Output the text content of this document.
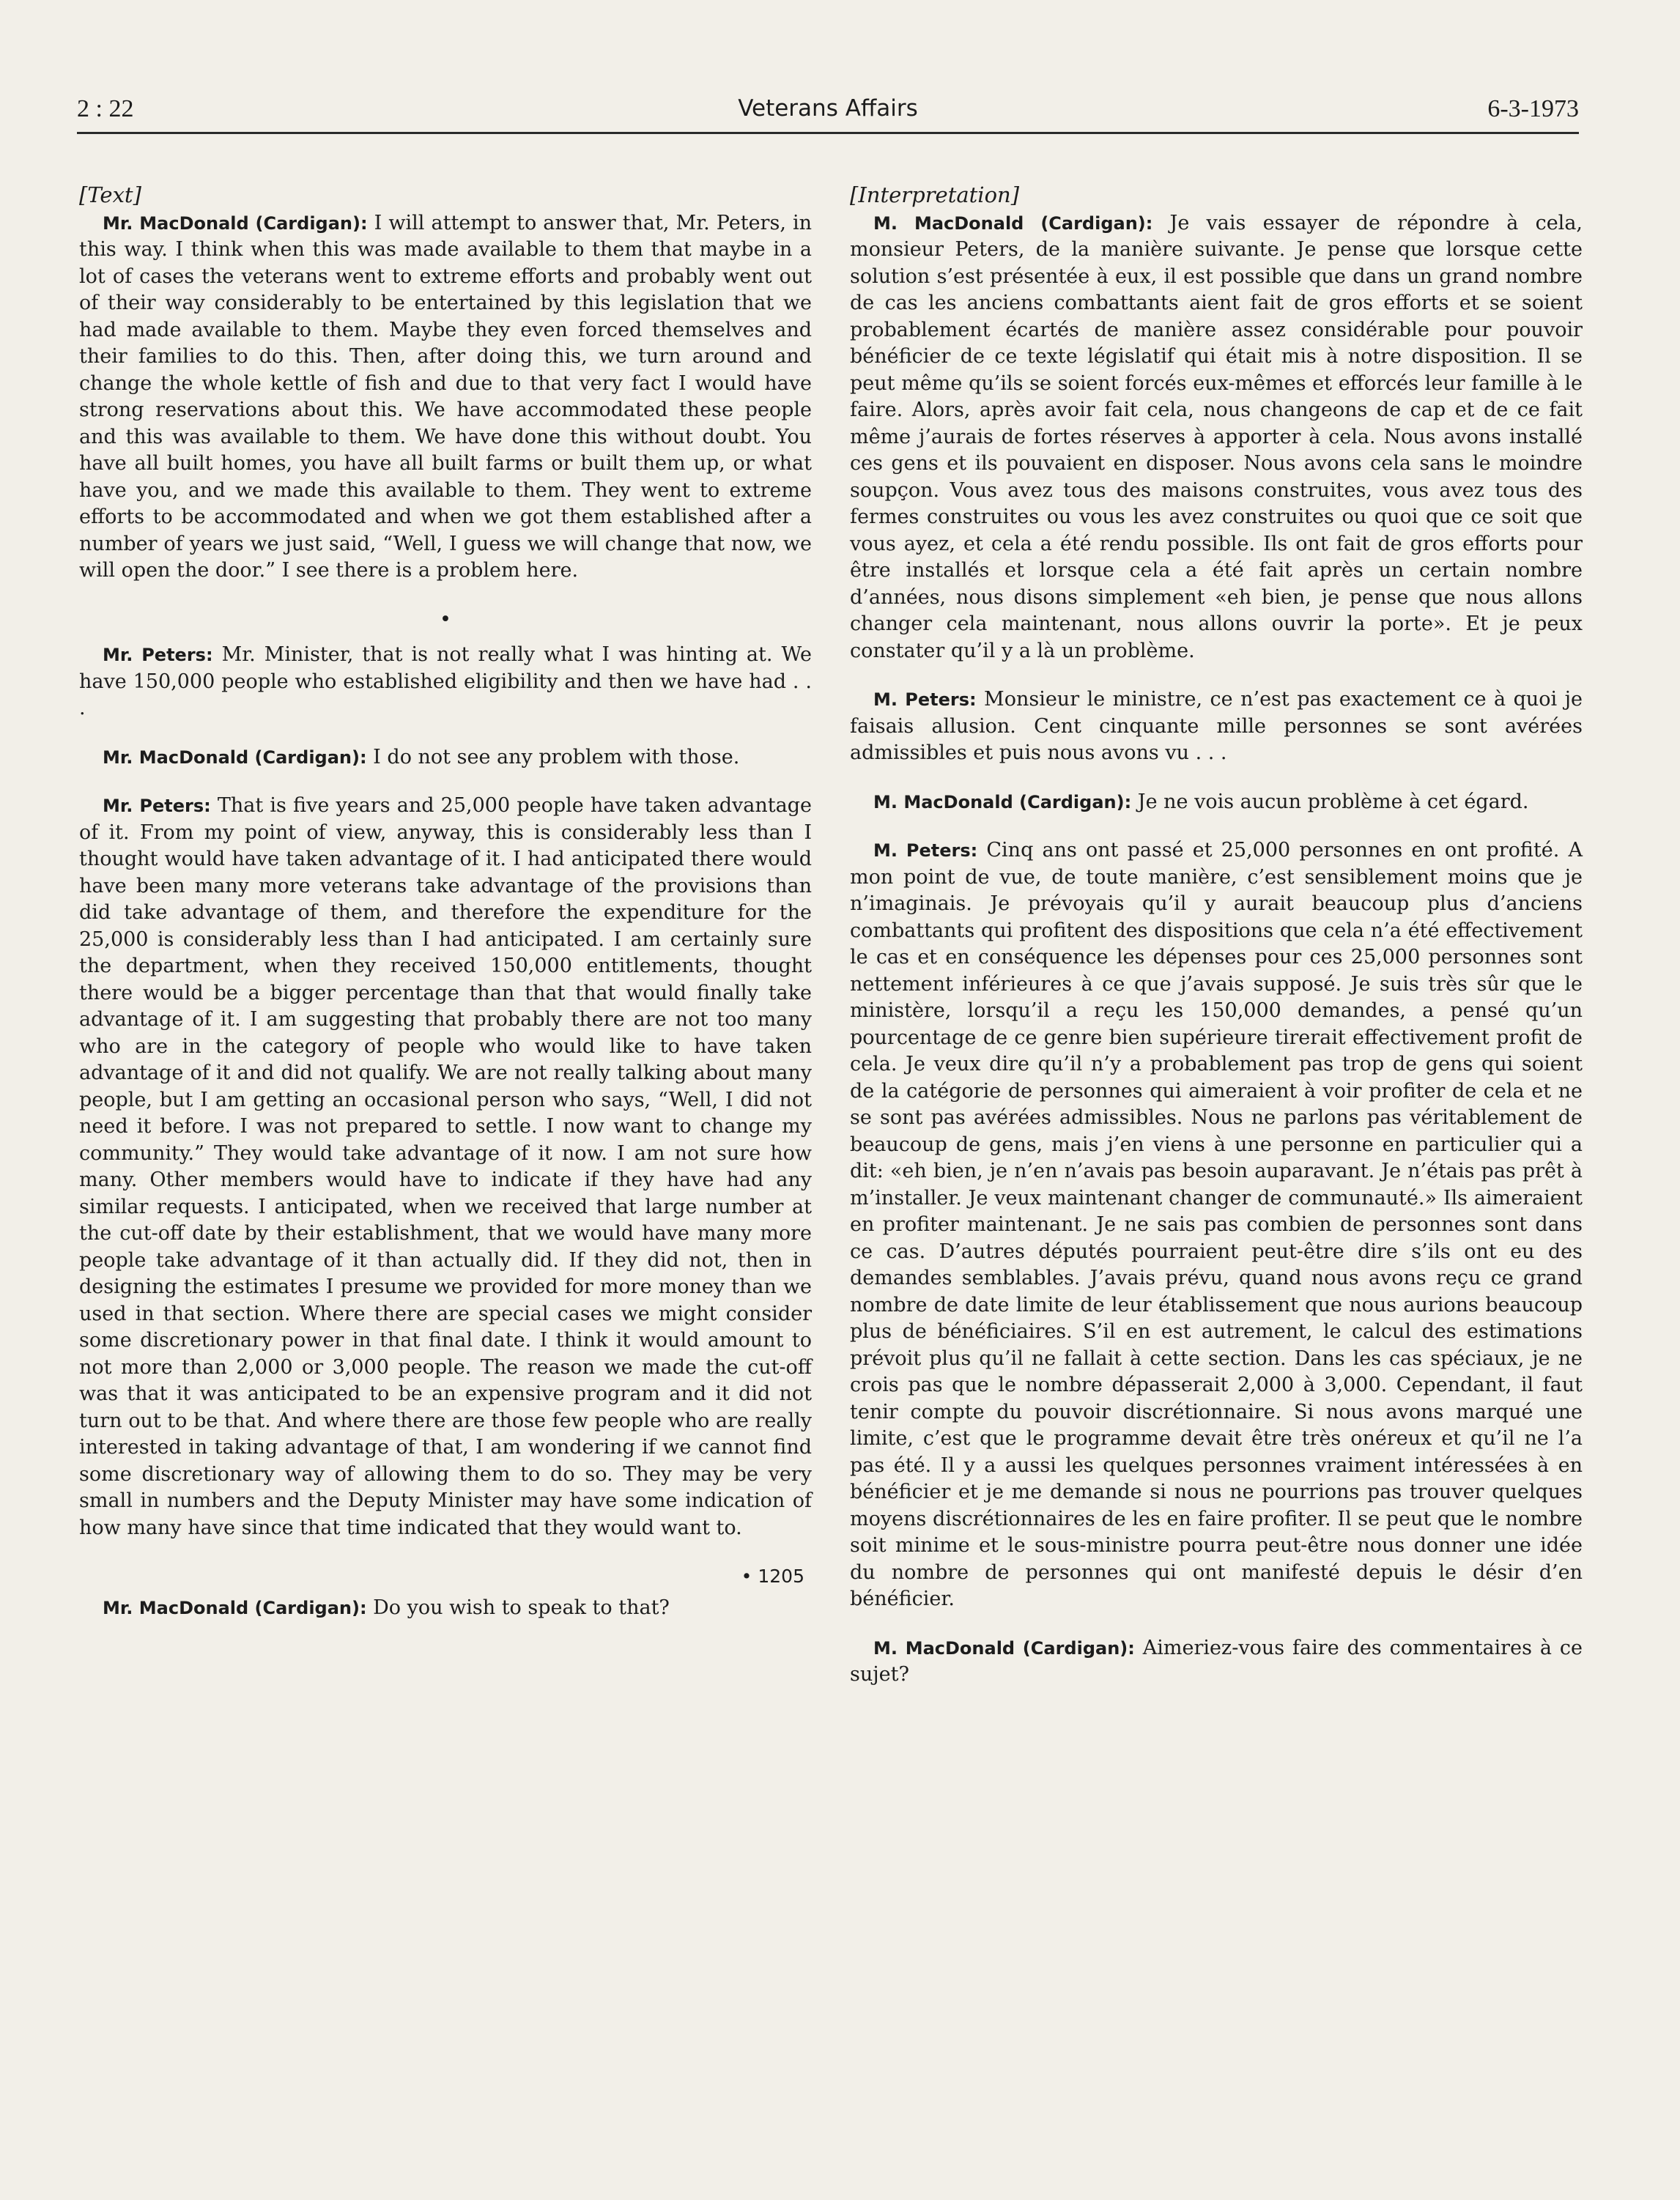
2 : 22	Veterans Affairs	6-3-1973

[Text]

Mr. MacDonald (Cardigan): I will attempt to answer that, Mr. Peters, in this way. I think when this was made available to them that maybe in a lot of cases the veterans went to extreme efforts and probably went out of their way considerably to be entertained by this legislation that we had made available to them. Maybe they even forced themselves and their families to do this. Then, after doing this, we turn around and change the whole kettle of fish and due to that very fact I would have strong reservations about this. We have accommodated these people and this was available to them. We have done this without doubt. You have all built homes, you have all built farms or built them up, or what have you, and we made this available to them. They went to extreme efforts to be accommodated and when we got them established after a number of years we just said, “Well, I guess we will change that now, we will open the door.” I see there is a problem here.

•

Mr. Peters: Mr. Minister, that is not really what I was hinting at. We have 150,000 people who established eligibility and then we have had . . .

Mr. MacDonald (Cardigan): I do not see any problem with those.

Mr. Peters: That is five years and 25,000 people have taken advantage of it. From my point of view, anyway, this is considerably less than I thought would have taken advantage of it. I had anticipated there would have been many more veterans take advantage of the provisions than did take advantage of them, and therefore the expenditure for the 25,000 is considerably less than I had anticipated. I am certainly sure the department, when they received 150,000 entitlements, thought there would be a bigger percentage than that that would finally take advantage of it. I am suggesting that probably there are not too many who are in the category of people who would like to have taken advantage of it and did not qualify. We are not really talking about many people, but I am getting an occasional person who says, “Well, I did not need it before. I was not prepared to settle. I now want to change my community.” They would take advantage of it now. I am not sure how many. Other members would have to indicate if they have had any similar requests. I anticipated, when we received that large number at the cut-off date by their establishment, that we would have many more people take advantage of it than actually did. If they did not, then in designing the estimates I presume we provided for more money than we used in that section. Where there are special cases we might consider some discretionary power in that final date. I think it would amount to not more than 2,000 or 3,000 people. The reason we made the cut-off was that it was anticipated to be an expensive program and it did not turn out to be that. And where there are those few people who are really interested in taking advantage of that, I am wondering if we cannot find some discretionary way of allowing them to do so. They may be very small in numbers and the Deputy Minister may have some indication of how many have since that time indicated that they would want to.

• 1205

Mr. MacDonald (Cardigan): Do you wish to speak to that?

[Interpretation]

M. MacDonald (Cardigan): Je vais essayer de répondre à cela, monsieur Peters, de la manière suivante. Je pense que lorsque cette solution s’est présentée à eux, il est possible que dans un grand nombre de cas les anciens combattants aient fait de gros efforts et se soient probablement écartés de manière assez considérable pour pouvoir bénéficier de ce texte législatif qui était mis à notre disposition. Il se peut même qu’ils se soient forcés eux-mêmes et efforcés leur famille à le faire. Alors, après avoir fait cela, nous changeons de cap et de ce fait même j’aurais de fortes réserves à apporter à cela. Nous avons installé ces gens et ils pouvaient en disposer. Nous avons cela sans le moindre soupçon. Vous avez tous des maisons construites, vous avez tous des fermes construites ou vous les avez construites ou quoi que ce soit que vous ayez, et cela a été rendu possible. Ils ont fait de gros efforts pour être installés et lorsque cela a été fait après un certain nombre d’années, nous disons simplement «eh bien, je pense que nous allons changer cela maintenant, nous allons ouvrir la porte». Et je peux constater qu’il y a là un problème.

M. Peters: Monsieur le ministre, ce n’est pas exactement ce à quoi je faisais allusion. Cent cinquante mille personnes se sont avérées admissibles et puis nous avons vu . . .

M. MacDonald (Cardigan): Je ne vois aucun problème à cet égard.

M. Peters: Cinq ans ont passé et 25,000 personnes en ont profité. A mon point de vue, de toute manière, c’est sensiblement moins que je n’imaginais. Je prévoyais qu’il y aurait beaucoup plus d’anciens combattants qui profitent des dispositions que cela n’a été effectivement le cas et en conséquence les dépenses pour ces 25,000 personnes sont nettement inférieures à ce que j’avais supposé. Je suis très sûr que le ministère, lorsqu’il a reçu les 150,000 demandes, a pensé qu’un pourcentage de ce genre bien supérieure tirerait effectivement profit de cela. Je veux dire qu’il n’y a probablement pas trop de gens qui soient de la catégorie de personnes qui aimeraient à voir profiter de cela et ne se sont pas avérées admissibles. Nous ne parlons pas véritablement de beaucoup de gens, mais j’en viens à une personne en particulier qui a dit: «eh bien, je n’en n’avais pas besoin auparavant. Je n’étais pas prêt à m’installer. Je veux maintenant changer de communauté.» Ils aimeraient en profiter maintenant. Je ne sais pas combien de personnes sont dans ce cas. D’autres députés pourraient peut-être dire s’ils ont eu des demandes semblables. J’avais prévu, quand nous avons reçu ce grand nombre de date limite de leur établissement que nous aurions beaucoup plus de bénéficiaires. S’il en est autrement, le calcul des estimations prévoit plus qu’il ne fallait à cette section. Dans les cas spéciaux, je ne crois pas que le nombre dépasserait 2,000 à 3,000. Cependant, il faut tenir compte du pouvoir discrétionnaire. Si nous avons marqué une limite, c’est que le programme devait être très onéreux et qu’il ne l’a pas été. Il y a aussi les quelques personnes vraiment intéressées à en bénéficier et je me demande si nous ne pourrions pas trouver quelques moyens discrétionnaires de les en faire profiter. Il se peut que le nombre soit minime et le sous-ministre pourra peut-être nous donner une idée du nombre de personnes qui ont manifesté depuis le désir d’en bénéficier.

M. MacDonald (Cardigan): Aimeriez-vous faire des commentaires à ce sujet?
